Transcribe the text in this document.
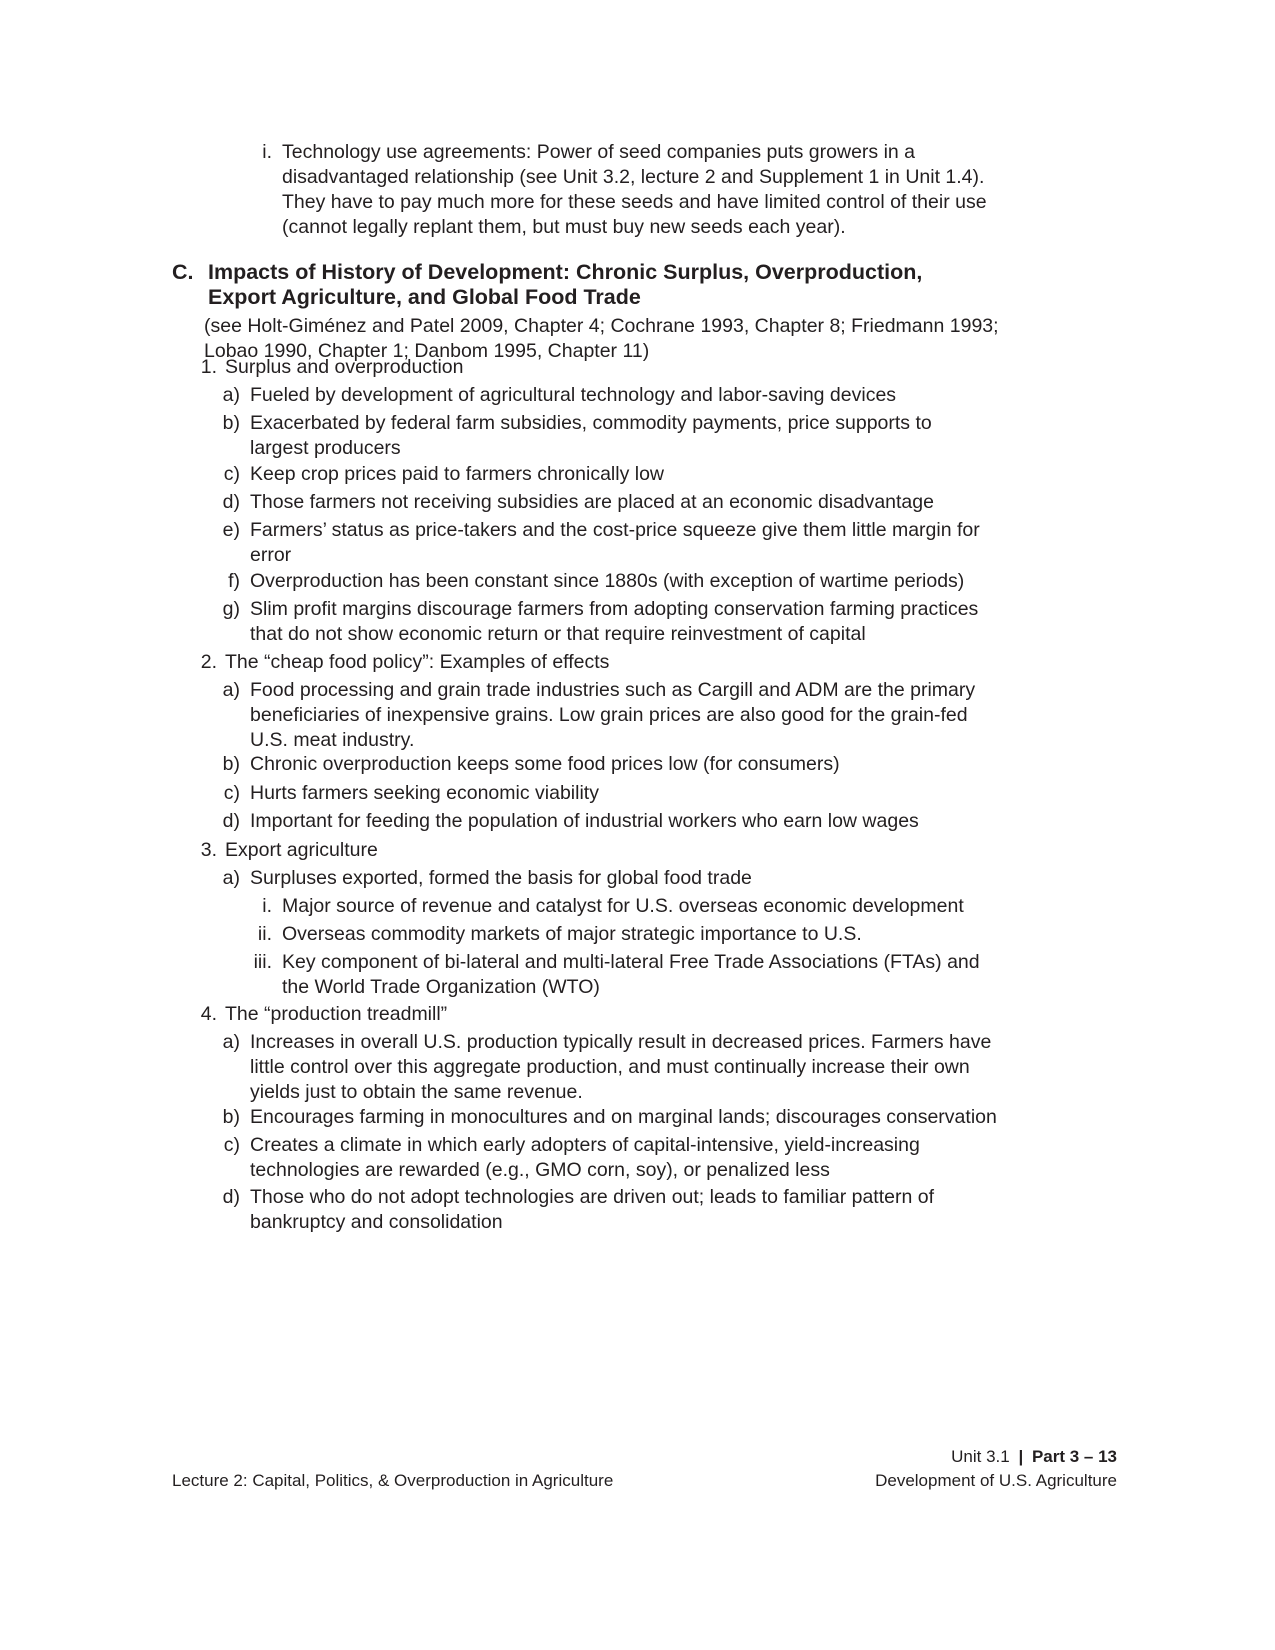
i. Technology use agreements: Power of seed companies puts growers in a disadvantaged relationship (see Unit 3.2, lecture 2 and Supplement 1 in Unit 1.4). They have to pay much more for these seeds and have limited control of their use (cannot legally replant them, but must buy new seeds each year).
C. Impacts of History of Development: Chronic Surplus, Overproduction, Export Agriculture, and Global Food Trade
(see Holt-Giménez and Patel 2009, Chapter 4; Cochrane 1993, Chapter 8; Friedmann 1993; Lobao 1990, Chapter 1; Danbom 1995, Chapter 11)
1. Surplus and overproduction
a) Fueled by development of agricultural technology and labor-saving devices
b) Exacerbated by federal farm subsidies, commodity payments, price supports to largest producers
c) Keep crop prices paid to farmers chronically low
d) Those farmers not receiving subsidies are placed at an economic disadvantage
e) Farmers’ status as price-takers and the cost-price squeeze give them little margin for error
f) Overproduction has been constant since 1880s (with exception of wartime periods)
g) Slim profit margins discourage farmers from adopting conservation farming practices that do not show economic return or that require reinvestment of capital
2. The “cheap food policy”: Examples of effects
a) Food processing and grain trade industries such as Cargill and ADM are the primary beneficiaries of inexpensive grains. Low grain prices are also good for the grain-fed U.S. meat industry.
b) Chronic overproduction keeps some food prices low (for consumers)
c) Hurts farmers seeking economic viability
d) Important for feeding the population of industrial workers who earn low wages
3. Export agriculture
a) Surpluses exported, formed the basis for global food trade
i. Major source of revenue and catalyst for U.S. overseas economic development
ii. Overseas commodity markets of major strategic importance to U.S.
iii. Key component of bi-lateral and multi-lateral Free Trade Associations (FTAs) and the World Trade Organization (WTO)
4. The “production treadmill”
a) Increases in overall U.S. production typically result in decreased prices. Farmers have little control over this aggregate production, and must continually increase their own yields just to obtain the same revenue.
b) Encourages farming in monocultures and on marginal lands; discourages conservation
c) Creates a climate in which early adopters of capital-intensive, yield-increasing technologies are rewarded (e.g., GMO corn, soy), or penalized less
d) Those who do not adopt technologies are driven out; leads to familiar pattern of bankruptcy and consolidation
Lecture 2: Capital, Politics, & Overproduction in Agriculture
Unit 3.1 | Part 3 – 13
Development of U.S. Agriculture
